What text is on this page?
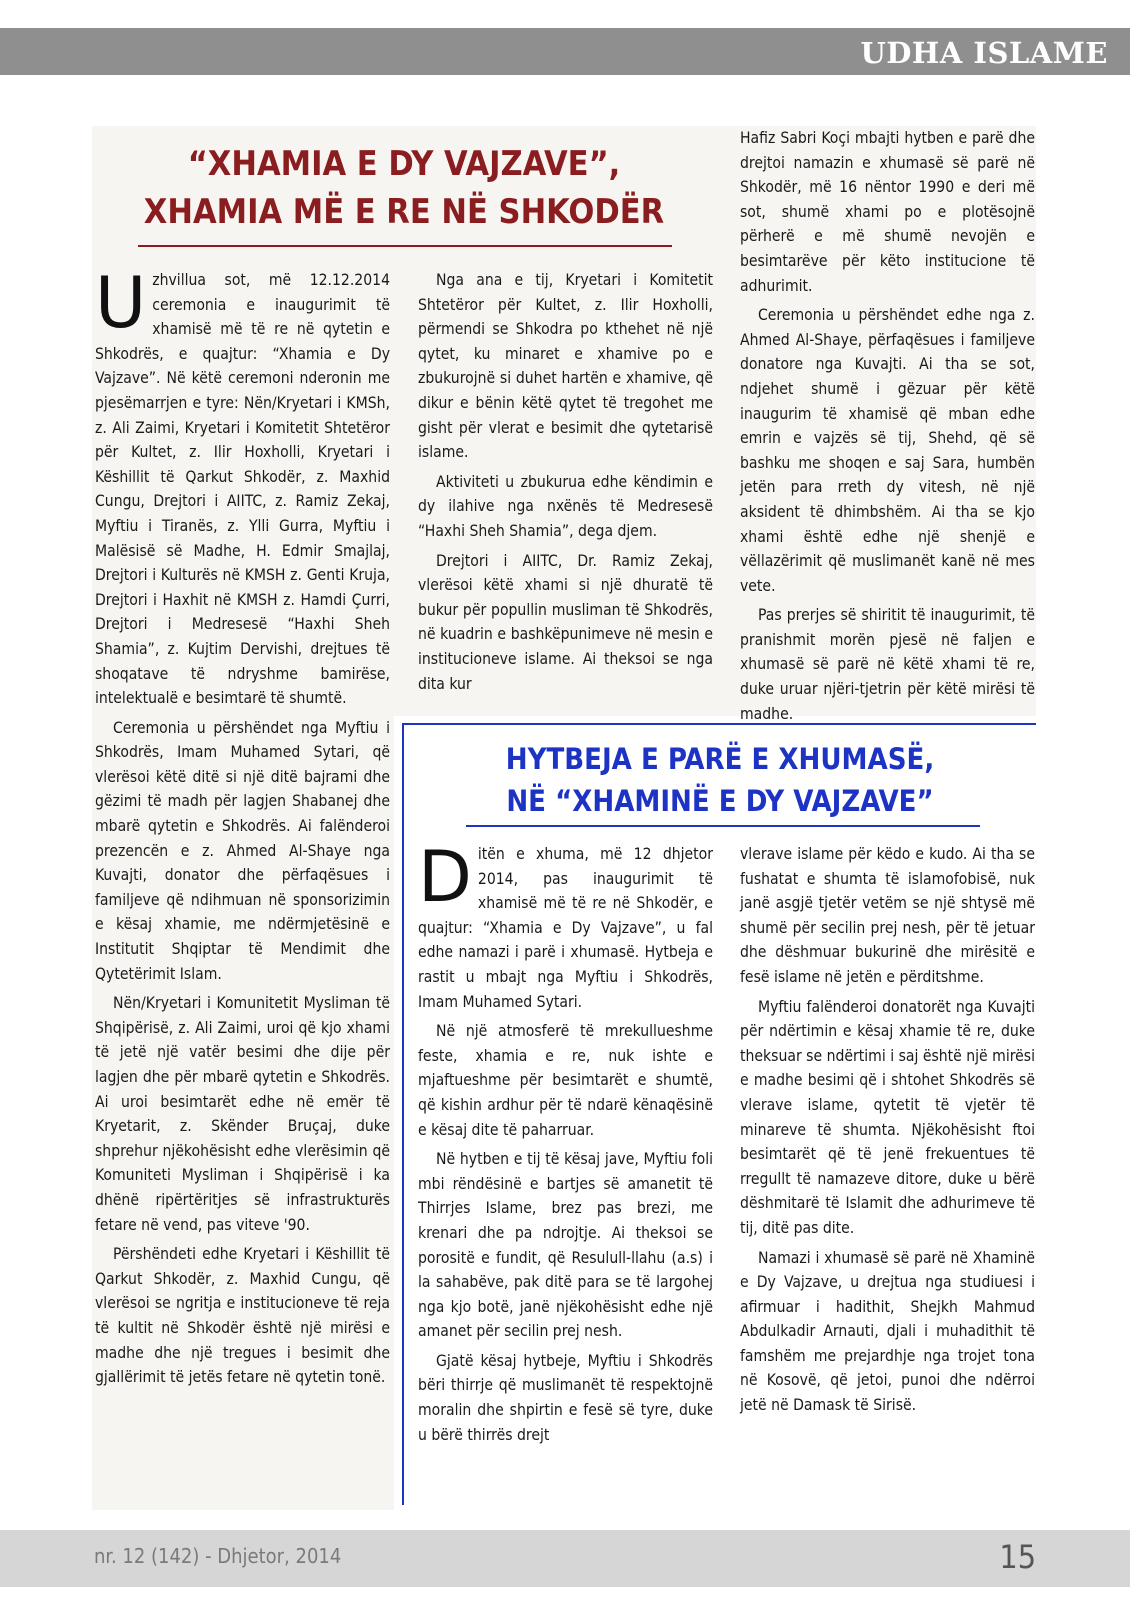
UDHA ISLAME
“XHAMIA E DY VAJZAVE”,
XHAMIA MË E RE NË SHKODËR

Uzhvillua sot, më 12.12.2014 ceremonia e inaugurimit të xhamisë më të re në qytetin e Shkodrës, e quajtur: “Xhamia e Dy Vajzave”. Në këtë ceremoni nderonin me pjesëmarrjen e tyre: Nën/Kryetari i KMSh, z. Ali Zaimi, Kryetari i Komitetit Shtetëror për Kultet, z. Ilir Hoxholli, Kryetari i Këshillit të Qarkut Shkodër, z. Maxhid Cungu, Drejtori i AIITC, z. Ramiz Zekaj, Myftiu i Tiranës, z. Ylli Gurra, Myftiu i Malësisë së Madhe, H. Edmir Smajlaj, Drejtori i Kulturës në KMSH z. Genti Kruja, Drejtori i Haxhit në KMSH z. Hamdi Çurri, Drejtori i Medresesë “Haxhi Sheh Shamia”, z. Kujtim Dervishi, drejtues të shoqatave të ndryshme bamirëse, intelektualë e besimtarë të shumtë.

Ceremonia u përshëndet nga Myftiu i Shkodrës, Imam Muhamed Sytari, që vlerësoi këtë ditë si një ditë bajrami dhe gëzimi të madh për lagjen Shabanej dhe mbarë qytetin e Shkodrës. Ai falënderoi prezencën e z. Ahmed Al-Shaye nga Kuvajti, donator dhe përfaqësues i familjeve që ndihmuan në sponsorizimin e kësaj xhamie, me ndërmjetësinë e Institutit Shqiptar të Mendimit dhe Qytetërimit Islam.

Nën/Kryetari i Komunitetit Mysliman të Shqipërisë, z. Ali Zaimi, uroi që kjo xhami të jetë një vatër besimi dhe dije për lagjen dhe për mbarë qytetin e Shkodrës. Ai uroi besimtarët edhe në emër të Kryetarit, z. Skënder Bruçaj, duke shprehur njëkohësisht edhe vlerësimin që Komuniteti Mysliman i Shqipërisë i ka dhënë ripërtëritjes së infrastrukturës fetare në vend, pas viteve '90.

Përshëndeti edhe Kryetari i Këshillit të Qarkut Shkodër, z. Maxhid Cungu, që vlerësoi se ngritja e institucioneve të reja të kultit në Shkodër është një mirësi e madhe dhe një tregues i besimit dhe gjallërimit të jetës fetare në qytetin tonë.

Nga ana e tij, Kryetari i Komitetit Shtetëror për Kultet, z. Ilir Hoxholli, përmendi se Shkodra po kthehet në një qytet, ku minaret e xhamive po e zbukurojnë si duhet hartën e xhamive, që dikur e bënin këtë qytet të tregohet me gisht për vlerat e besimit dhe qytetarisë islame.

Aktiviteti u zbukurua edhe këndimin e dy ilahive nga nxënës të Medresesë “Haxhi Sheh Shamia”, dega djem.

Drejtori i AIITC, Dr. Ramiz Zekaj, vlerësoi këtë xhami si një dhuratë të bukur për popullin musliman të Shkodrës, në kuadrin e bashkëpunimeve në mesin e institucioneve islame. Ai theksoi se nga dita kur

Hafiz Sabri Koçi mbajti hytben e parë dhe drejtoi namazin e xhumasë së parë në Shkodër, më 16 nëntor 1990 e deri më sot, shumë xhami po e plotësojnë përherë e më shumë nevojën e besimtarëve për këto institucione të adhurimit.

Ceremonia u përshëndet edhe nga z. Ahmed Al-Shaye, përfaqësues i familjeve donatore nga Kuvajti. Ai tha se sot, ndjehet shumë i gëzuar për këtë inaugurim të xhamisë që mban edhe emrin e vajzës së tij, Shehd, që së bashku me shoqen e saj Sara, humbën jetën para rreth dy vitesh, në një aksident të dhimbshëm. Ai tha se kjo xhami është edhe një shenjë e vëllazërimit që muslimanët kanë në mes vete.

Pas prerjes së shiritit të inaugurimit, të pranishmit morën pjesë në faljen e xhumasë së parë në këtë xhami të re, duke uruar njëri-tjetrin për këtë mirësi të madhe.

HYTBEJA E PARË E XHUMASË,
NË “XHAMINË E DY VAJZAVE”

Ditën e xhuma, më 12 dhjetor 2014, pas inaugurimit të xhamisë më të re në Shkodër, e quajtur: “Xhamia e Dy Vajzave”, u fal edhe namazi i parë i xhumasë. Hytbeja e rastit u mbajt nga Myftiu i Shkodrës, Imam Muhamed Sytari.

Në një atmosferë të mrekullueshme feste, xhamia e re, nuk ishte e mjaftueshme për besimtarët e shumtë, që kishin ardhur për të ndarë kënaqësinë e kësaj dite të paharruar.

Në hytben e tij të kësaj jave, Myftiu foli mbi rëndësinë e bartjes së amanetit të Thirrjes Islame, brez pas brezi, me krenari dhe pa ndrojtje. Ai theksoi se porositë e fundit, që Resulull-llahu (a.s) i la sahabëve, pak ditë para se të largohej nga kjo botë, janë njëkohësisht edhe një amanet për secilin prej nesh.

Gjatë kësaj hytbeje, Myftiu i Shkodrës bëri thirrje që muslimanët të respektojnë moralin dhe shpirtin e fesë së tyre, duke u bërë thirrës drejt

vlerave islame për këdo e kudo. Ai tha se fushatat e shumta të islamofobisë, nuk janë asgjë tjetër vetëm se një shtysë më shumë për secilin prej nesh, për të jetuar dhe dëshmuar bukurinë dhe mirësitë e fesë islame në jetën e përditshme.

Myftiu falënderoi donatorët nga Kuvajti për ndërtimin e kësaj xhamie të re, duke theksuar se ndërtimi i saj është një mirësi e madhe besimi që i shtohet Shkodrës së vlerave islame, qytetit të vjetër të minareve të shumta. Njëkohësisht ftoi besimtarët që të jenë frekuentues të rregullt të namazeve ditore, duke u bërë dëshmitarë të Islamit dhe adhurimeve të tij, ditë pas dite.

Namazi i xhumasë së parë në Xhaminë e Dy Vajzave, u drejtua nga studiuesi i afirmuar i hadithit, Shejkh Mahmud Abdulkadir Arnauti, djali i muhadithit të famshëm me prejardhje nga trojet tona në Kosovë, që jetoi, punoi dhe ndërroi jetë në Damask të Sirisë.

nr. 12 (142) - Dhjetor, 2014	15
